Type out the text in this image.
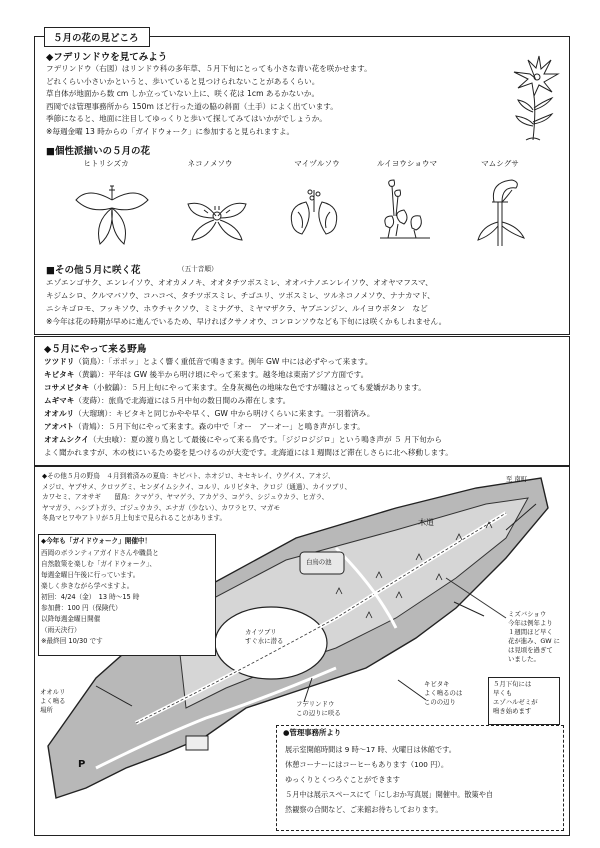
５月の花の見どころ
◆フデリンドウを見てみよう
フデリンドウ（右図）はリンドウ科の多年草、５月下旬にとっても小さな青い花を咲かせます。
どれくらい小さいかというと、歩いていると見つけられないことがあるくらい。
草自体が地面から数 cm しか立っていない上に、咲く花は 1cm あるかないか。
西岡では管理事務所から 150m ほど行った道の脇の斜面（土手）によく出ています。
季節になると、地面に注目してゆっくりと歩いて探してみてはいかがでしょうか。
※毎週金曜 13 時からの「ガイドウォーク」に参加すると見られますよ。
■個性派揃いの５月の花
ヒトリシズカ	ネコノメソウ	マイヅルソウ	ルイヨウショウマ	マムシグサ
■その他５月に咲く花	（五十音順）
エゾエンゴサク、エンレイソウ、オオカメノキ、オオタチツボスミレ、オオバナノエンレイソウ、オオヤマフスマ、
キジムシロ、クルマバソウ、コハコベ、タチツボスミレ、チゴユリ、ツボスミレ、ツルネコノメソウ、ナナカマド、
ニシキゴロモ、フッキソウ、ホウチャクソウ、ミミナグサ、ミヤマザクラ、ヤブニンジン、ルイヨウボタン　など
※今年は花の時期が早めに進んでいるため、早ければクサノオウ、コンロンソウなども下旬には咲くかもしれません。
◆５月にやって来る野鳥
ツツドリ（筒鳥）：「ポポッ」とよく響く重低音で鳴きます。例年 GW 中には必ずやって来ます。
キビタキ（黄鶲）：平年は GW 後半から明け頃にやって来ます。越冬地は東南アジア方面です。
コサメビタキ（小鮫鶲）：５月上旬にやって来ます。全身灰褐色の地味な色ですが瞳はとっても愛嬌があります。
ムギマキ（麦蒔）：旅鳥で北海道には５月中旬の数日間のみ滞在します。
オオルリ（大瑠璃）：キビタキと同じかやや早く、GW 中から明けくらいに来ます。一羽着済み。
アオバト（青鳩）：５月下旬にやって来ます。森の中で「オー　アーオー」と鳴き声がします。
オオムシクイ（大虫喰）：夏の渡り鳥として最後にやって来る鳥です。「ジジロジジロ」という鳴き声が ５ 月下旬から
よく聞かれますが、木の枝にいるため姿を見つけるのが大変です。北海道には１週間ほど滞在しさらに北へ移動します。
◆その他５月の野鳥　４月到着済みの夏鳥：キビバト、ホオジロ、キセキレイ、ウグイス、アオジ、
メジロ、ヤブサメ、クロツグミ、センダイムシクイ、コルリ、ルリビタキ、クロジ（通過）、カイツブリ、
カワセミ、アオサギ　　留鳥：クマゲラ、ヤマゲラ、アカゲラ、コゲラ、シジュウカラ、ヒガラ、
ヤマガラ、ハシブトガラ、ゴジュウカラ、エナガ（少ない）、カワラヒワ、マガモ
冬鳥マヒワやアトリが５月上旬まで見られることがあります。
至 南町
木道
白鳥の池
カイツブリ
すぐ水に潜る
ミズバショウ
今年は例年より
１週間ほど早く
花が進み、GW に
は見頃を過ぎて
いました。
オオルリ
よく鳴る
場所
フデリンドウ
この辺りに咲る
キビタキ
よく鳴るのは
このの辺り
５月下旬には
早くも
エゾハルゼミが
鳴き始めます
P
◆今年も「ガイドウォーク」開催中！
西岡のボランティアガイドさんや職員と
自然散策を楽しむ「ガイドウォーク」、
毎週金曜日午後に行っています。
楽しく歩きながら学べますよ。
初回：4/24（金）　13 時〜15 時
参加費：100 円（保険代）
以降毎週金曜日開催
（雨天決行）
※最終回 10/30 です
●管理事務所より
展示室開館時間は 9 時〜17 時、火曜日は休館です。
休憩コーナーにはコーヒーもあります（100 円）。
ゆっくりとくつろぐことができます
５月中は展示スペースにて「にしおか写真展」開催中。散策や自
然観察の合間など、ご来館お待ちしております。
